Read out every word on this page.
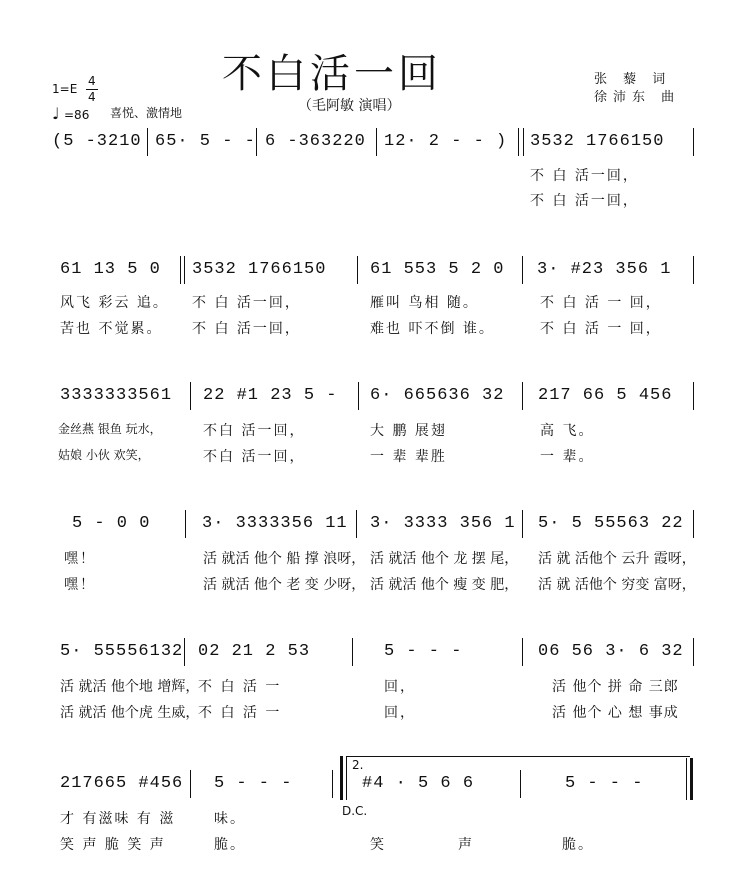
不白活一回
（毛阿敏 演唱）
张 藜 词
徐沛东 曲
1=E
4
4
♩ =86 喜悦、激情地
(5 -3210 65· 5 - - 6 -363220 12· 2 - - ) 3532 1766150
不 白 活一回，
不 白 活一回，
61 13 5 0 3532 1766150	61 553 5 2 0 3· #23 356 1
风飞 彩云 追。 不 白 活一回，	雁叫 鸟相 随。	不 白 活 一 回，
苦也 不觉累。 不 白 活一回，	难也 吓不倒 谁。	不 白 活 一 回，
3333333561 22 #1 23 5 - 6· 665636 32 217 66 5 456
金丝燕 银鱼 玩水，	不白 活一回，	大 鹏 展翅	高 飞。
姑娘 小伙 欢笑，	不白 活一回，	一 辈 辈胜	一 辈。
5 - 0 0	3· 3333356 11 3· 3333 356 1 5· 5 55563 22
嘿！	活 就活 他个 船 撑 浪呀， 活 就活 他个 龙 摆 尾， 活 就 活他个 云升 霞呀，
嘿！	活 就活 他个 老 变 少呀， 活 就活 他个 瘦 变 肥， 活 就 活他个 穷变 富呀，
5· 55556132 02 21 2 53	5 - - -	06 56 3· 6 32
活 就活 他个地 增辉，
不 白 活 一	回，	活 他个 拼 命 三郎
活 就活 他个虎 生威，
不 白 活 一	回，	活 他个 心 想 事成
217665 #456 5 - - -
2.
#4 · 5 6 6	5 - - -
D.C.
才 有滋味 有 滋	味。
笑 声 脆 笑 声	脆。	笑	声	脆。
